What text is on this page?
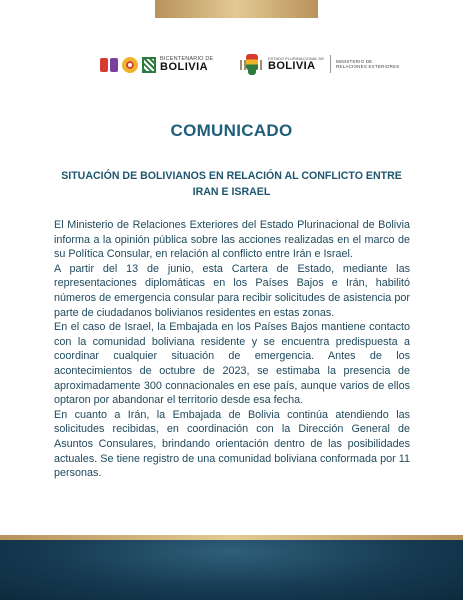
BICENTENARIO DE
BOLIVIA
ESTADO PLURINACIONAL DE
BOLIVIA	MINISTERIO DE
RELACIONES EXTERIORES
COMUNICADO
SITUACIÓN DE BOLIVIANOS EN RELACIÓN AL CONFLICTO ENTRE
IRAN E ISRAEL

El Ministerio de Relaciones Exteriores del Estado Plurinacional de Bolivia informa a la opinión pública sobre las acciones realizadas en el marco de su Política Consular, en relación al conflicto entre Irán e Israel.

A partir del 13 de junio, esta Cartera de Estado, mediante las representaciones diplomáticas en los Países Bajos e Irán, habilitó números de emergencia consular para recibir solicitudes de asistencia por parte de ciudadanos bolivianos residentes en estas zonas.

En el caso de Israel, la Embajada en los Países Bajos mantiene contacto con la comunidad boliviana residente y se encuentra predispuesta a coordinar cualquier situación de emergencia. Antes de los acontecimientos de octubre de 2023, se estimaba la presencia de aproximadamente 300 connacionales en ese país, aunque varios de ellos optaron por abandonar el territorio desde esa fecha.

En cuanto a Irán, la Embajada de Bolivia continúa atendiendo las solicitudes recibidas, en coordinación con la Dirección General de Asuntos Consulares, brindando orientación dentro de las posibilidades actuales. Se tiene registro de una comunidad boliviana conformada por 11 personas.
